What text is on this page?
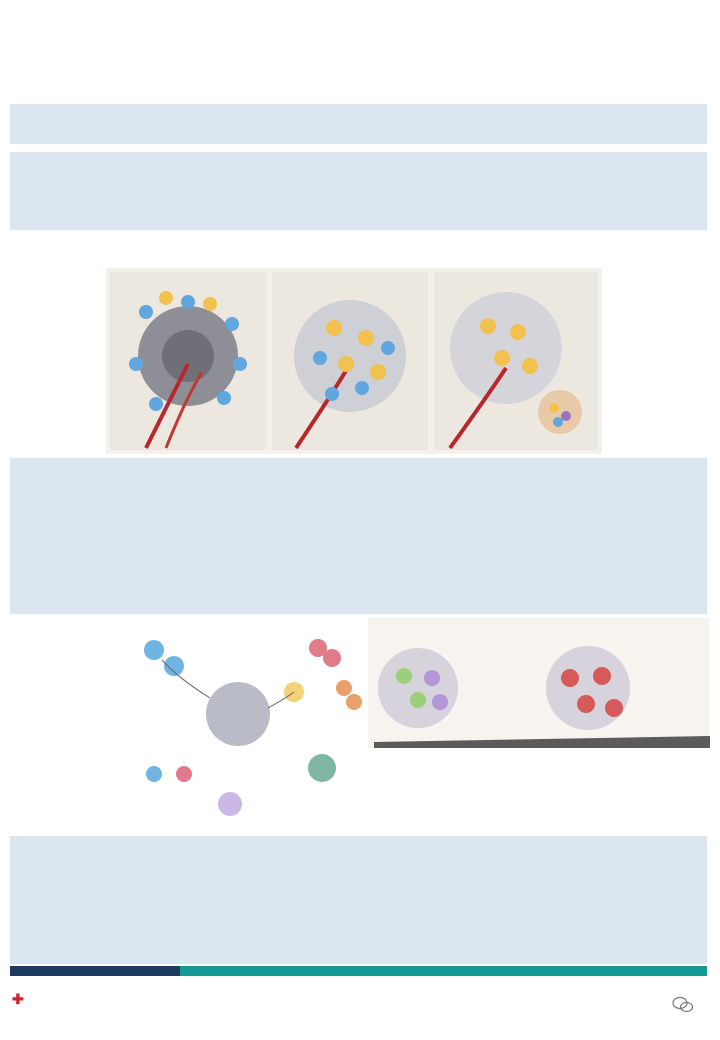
✚
